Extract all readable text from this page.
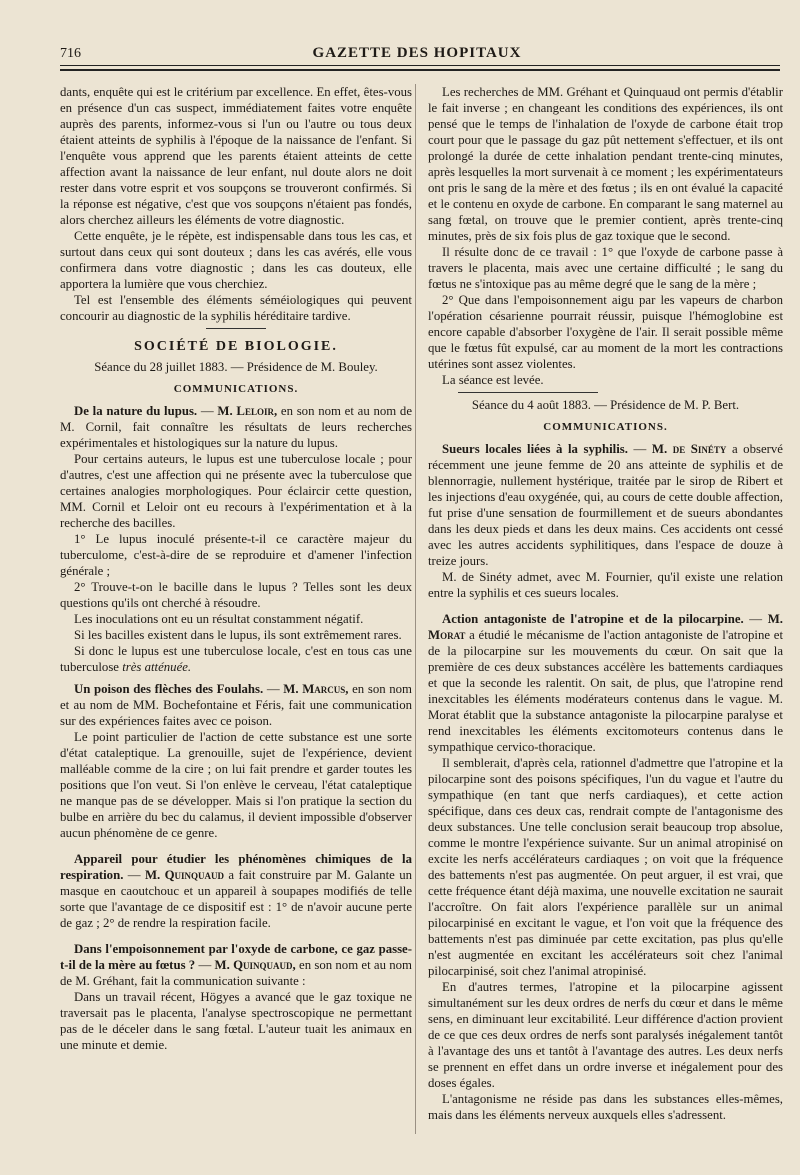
716	GAZETTE DES HOPITAUX

dants, enquête qui est le critérium par excellence. En effet, êtes-vous en présence d'un cas suspect, immédiatement faites votre enquête auprès des parents, informez-vous si l'un ou l'autre ou tous deux étaient atteints de syphilis à l'époque de la naissance de l'enfant. Si l'enquête vous apprend que les parents étaient atteints de cette affection avant la naissance de leur enfant, nul doute alors ne doit rester dans votre esprit et vos soupçons se trouveront confirmés. Si la réponse est négative, c'est que vos soupçons n'étaient pas fondés, alors cherchez ailleurs les éléments de votre diagnostic.

Cette enquête, je le répète, est indispensable dans tous les cas, et surtout dans ceux qui sont douteux ; dans les cas avérés, elle vous confirmera dans votre diagnostic ; dans les cas douteux, elle apportera la lumière que vous cherchiez.

Tel est l'ensemble des éléments séméiologiques qui peuvent concourir au diagnostic de la syphilis héréditaire tardive.

SOCIÉTÉ DE BIOLOGIE.

Séance du 28 juillet 1883. — Présidence de M. Bouley.

COMMUNICATIONS.

De la nature du lupus. — M. Leloir, en son nom et au nom de M. Cornil, fait connaître les résultats de leurs recherches expérimentales et histologiques sur la nature du lupus.

Pour certains auteurs, le lupus est une tuberculose locale ; pour d'autres, c'est une affection qui ne présente avec la tuberculose que certaines analogies morphologiques. Pour éclaircir cette question, MM. Cornil et Leloir ont eu recours à l'expérimentation et à la recherche des bacilles.

1° Le lupus inoculé présente-t-il ce caractère majeur du tuberculome, c'est-à-dire de se reproduire et d'amener l'infection générale ;

2° Trouve-t-on le bacille dans le lupus ? Telles sont les deux questions qu'ils ont cherché à résoudre.

Les inoculations ont eu un résultat constamment négatif.

Si les bacilles existent dans le lupus, ils sont extrêmement rares.

Si donc le lupus est une tuberculose locale, c'est en tous cas une tuberculose très atténuée.

Un poison des flèches des Foulahs. — M. Marcus, en son nom et au nom de MM. Bochefontaine et Féris, fait une communication sur des expériences faites avec ce poison.

Le point particulier de l'action de cette substance est une sorte d'état cataleptique. La grenouille, sujet de l'expérience, devient malléable comme de la cire ; on lui fait prendre et garder toutes les positions que l'on veut. Si l'on enlève le cerveau, l'état cataleptique ne manque pas de se développer. Mais si l'on pratique la section du bulbe en arrière du bec du calamus, il devient impossible d'observer aucun phénomène de ce genre.

Appareil pour étudier les phénomènes chimiques de la respiration. — M. Quinquaud a fait construire par M. Galante un masque en caoutchouc et un appareil à soupapes modifiés de telle sorte que l'avantage de ce dispositif est : 1° de n'avoir aucune perte de gaz ; 2° de rendre la respiration facile.

Dans l'empoisonnement par l'oxyde de carbone, ce gaz passe-t-il de la mère au fœtus ? — M. Quinquaud, en son nom et au nom de M. Gréhant, fait la communication suivante :

Dans un travail récent, Högyes a avancé que le gaz toxique ne traversait pas le placenta, l'analyse spectroscopique ne permettant pas de le déceler dans le sang fœtal. L'auteur tuait les animaux en une minute et demie.

Les recherches de MM. Gréhant et Quinquaud ont permis d'établir le fait inverse ; en changeant les conditions des expériences, ils ont pensé que le temps de l'inhalation de l'oxyde de carbone était trop court pour que le passage du gaz pût nettement s'effectuer, et ils ont prolongé la durée de cette inhalation pendant trente-cinq minutes, après lesquelles la mort survenait à ce moment ; les expérimentateurs ont pris le sang de la mère et des fœtus ; ils en ont évalué la capacité et le contenu en oxyde de carbone. En comparant le sang maternel au sang fœtal, on trouve que le premier contient, après trente-cinq minutes, près de six fois plus de gaz toxique que le second.

Il résulte donc de ce travail : 1° que l'oxyde de carbone passe à travers le placenta, mais avec une certaine difficulté ; le sang du fœtus ne s'intoxique pas au même degré que le sang de la mère ;

2° Que dans l'empoisonnement aigu par les vapeurs de charbon l'opération césarienne pourrait réussir, puisque l'hémoglobine est encore capable d'absorber l'oxygène de l'air. Il serait possible même que le fœtus fût expulsé, car au moment de la mort les contractions utérines sont assez violentes.

La séance est levée.

Séance du 4 août 1883. — Présidence de M. P. Bert.

COMMUNICATIONS.

Sueurs locales liées à la syphilis. — M. de Sinéty a observé récemment une jeune femme de 20 ans atteinte de syphilis et de blennorragie, nullement hystérique, traitée par le sirop de Ribert et les injections d'eau oxygénée, qui, au cours de cette double affection, fut prise d'une sensation de fourmillement et de sueurs abondantes dans les deux pieds et dans les deux mains. Ces accidents ont cessé avec les autres accidents syphilitiques, dans l'espace de douze à treize jours.

M. de Sinéty admet, avec M. Fournier, qu'il existe une relation entre la syphilis et ces sueurs locales.

Action antagoniste de l'atropine et de la pilocarpine. — M. Morat a étudié le mécanisme de l'action antagoniste de l'atropine et de la pilocarpine sur les mouvements du cœur. On sait que la première de ces deux substances accélère les battements cardiaques et que la seconde les ralentit. On sait, de plus, que l'atropine rend inexcitables les éléments modérateurs contenus dans le vague. M. Morat établit que la substance antagoniste la pilocarpine paralyse et rend inexcitables les éléments excitomoteurs contenus dans le sympathique cervico-thoracique.

Il semblerait, d'après cela, rationnel d'admettre que l'atropine et la pilocarpine sont des poisons spécifiques, l'un du vague et l'autre du sympathique (en tant que nerfs cardiaques), et cette action spécifique, dans ces deux cas, rendrait compte de l'antagonisme des deux substances. Une telle conclusion serait beaucoup trop absolue, comme le montre l'expérience suivante. Sur un animal atropinisé on excite les nerfs accélérateurs cardiaques ; on voit que la fréquence des battements n'est pas augmentée. On peut arguer, il est vrai, que cette fréquence étant déjà maxima, une nouvelle excitation ne saurait l'accroître. On fait alors l'expérience parallèle sur un animal pilocarpinisé en excitant le vague, et l'on voit que la fréquence des battements n'est pas diminuée par cette excitation, pas plus qu'elle n'est augmentée en excitant les accélérateurs soit chez l'animal pilocarpinisé, soit chez l'animal atropinisé.

En d'autres termes, l'atropine et la pilocarpine agissent simultanément sur les deux ordres de nerfs du cœur et dans le même sens, en diminuant leur excitabilité. Leur différence d'action provient de ce que ces deux ordres de nerfs sont paralysés inégalement tantôt à l'avantage des uns et tantôt à l'avantage des autres. Les deux nerfs se prennent en effet dans un ordre inverse et inégalement pour des doses égales.

L'antagonisme ne réside pas dans les substances elles-mêmes, mais dans les éléments nerveux auxquels elles s'adressent.
